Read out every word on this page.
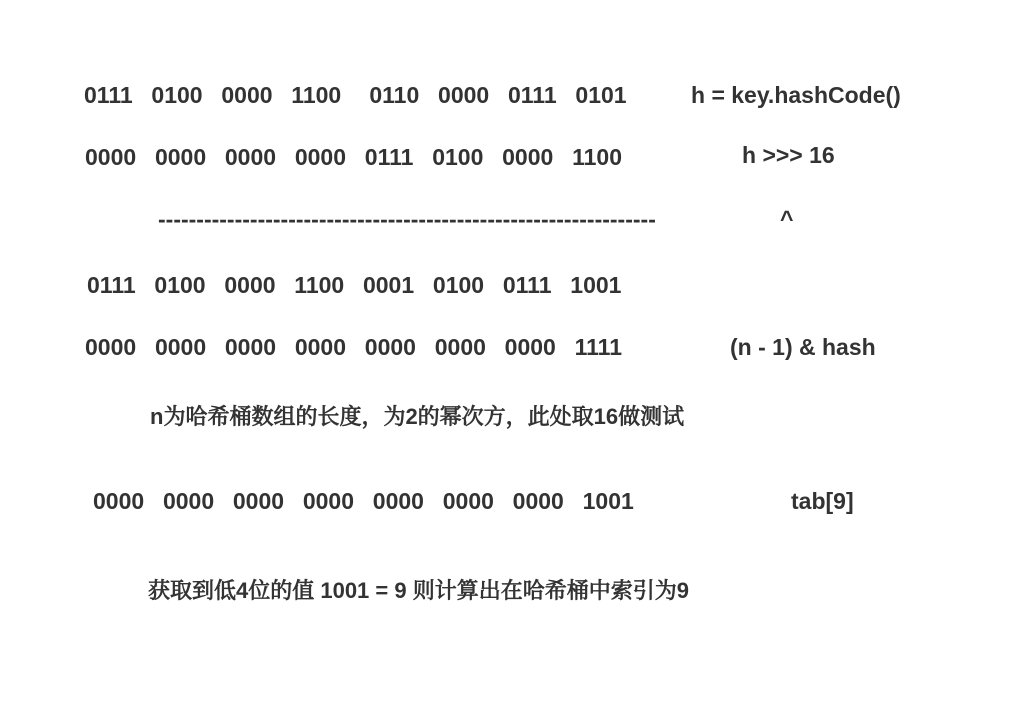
0111  0100  0000  1100   0110  0000  0111  0101	h = key.hashCode()
0000  0000  0000  0000  0111  0100  0000  1100	h >>> 16
-----------------------------------------------------------------	^
0111  0100  0000  1100  0001  0100  0111  1001
0000  0000  0000  0000  0000  0000  0000  1111	(n - 1) & hash
n为哈希桶数组的长度，为2的幂次方，此处取16做测试
0000  0000  0000  0000  0000  0000  0000  1001	tab[9]
获取到低4位的值 1001 = 9 则计算出在哈希桶中索引为9
